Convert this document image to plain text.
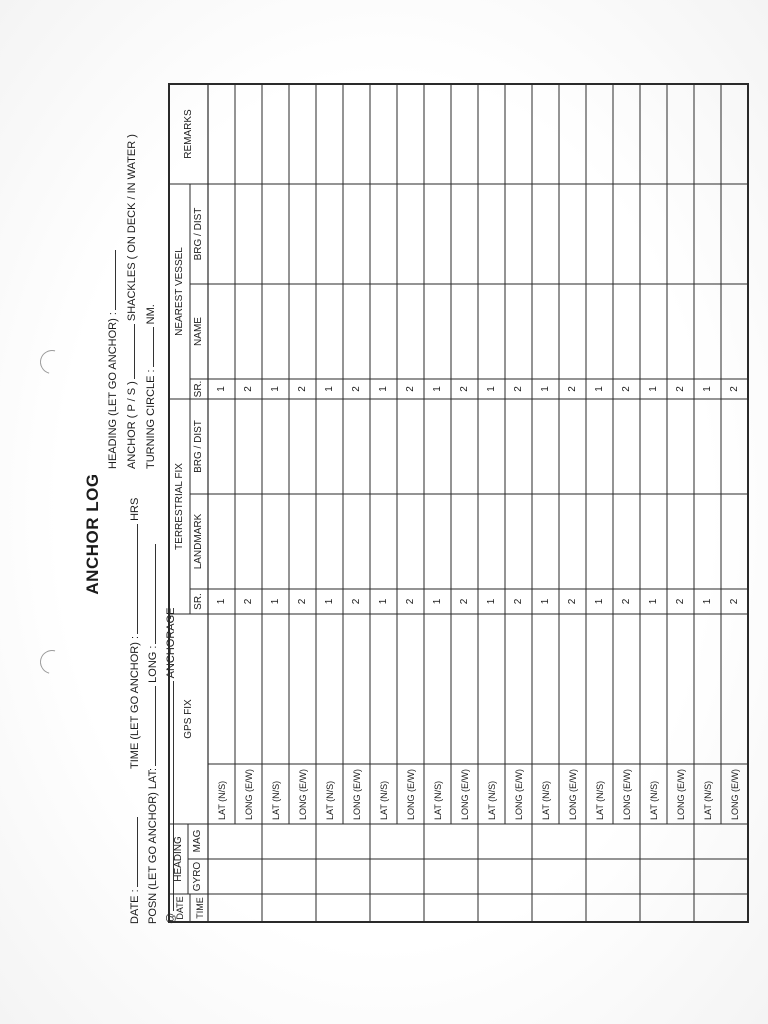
ANCHOR LOG
DATE :
TIME (LET GO ANCHOR) : HRS
HEADING (LET GO ANCHOR) :
POSN (LET GO ANCHOR) LAT: LONG :
ANCHOR ( P / S ) SHACKLES ( ON DECK / IN WATER )
@ ANCHORAGE
TURNING CIRCLE : NM.
DATE	TIME
HEADING GYRO
MAG
GPS FIX
TERRESTRIAL FIX
SR.
LANDMARK
BRG / DIST
NEAREST VESSEL
SR.
NAME
BRG / DIST
REMARKS
LAT (N/S)
1
1
LONG (E/W)
2
2
LAT (N/S)
1
1
LONG (E/W)
2
2
LAT (N/S)
1
1
LONG (E/W)
2
2
LAT (N/S)
1
1
LONG (E/W)
2
2
LAT (N/S)
1
1
LONG (E/W)
2
2
LAT (N/S)
1
1
LONG (E/W)
2
2
LAT (N/S)
1
1
LONG (E/W)
2
2
LAT (N/S)
1
1
LONG (E/W)
2
2
LAT (N/S)
1
1
LONG (E/W)
2
2
LAT (N/S)
1
1
LONG (E/W)
2
2
